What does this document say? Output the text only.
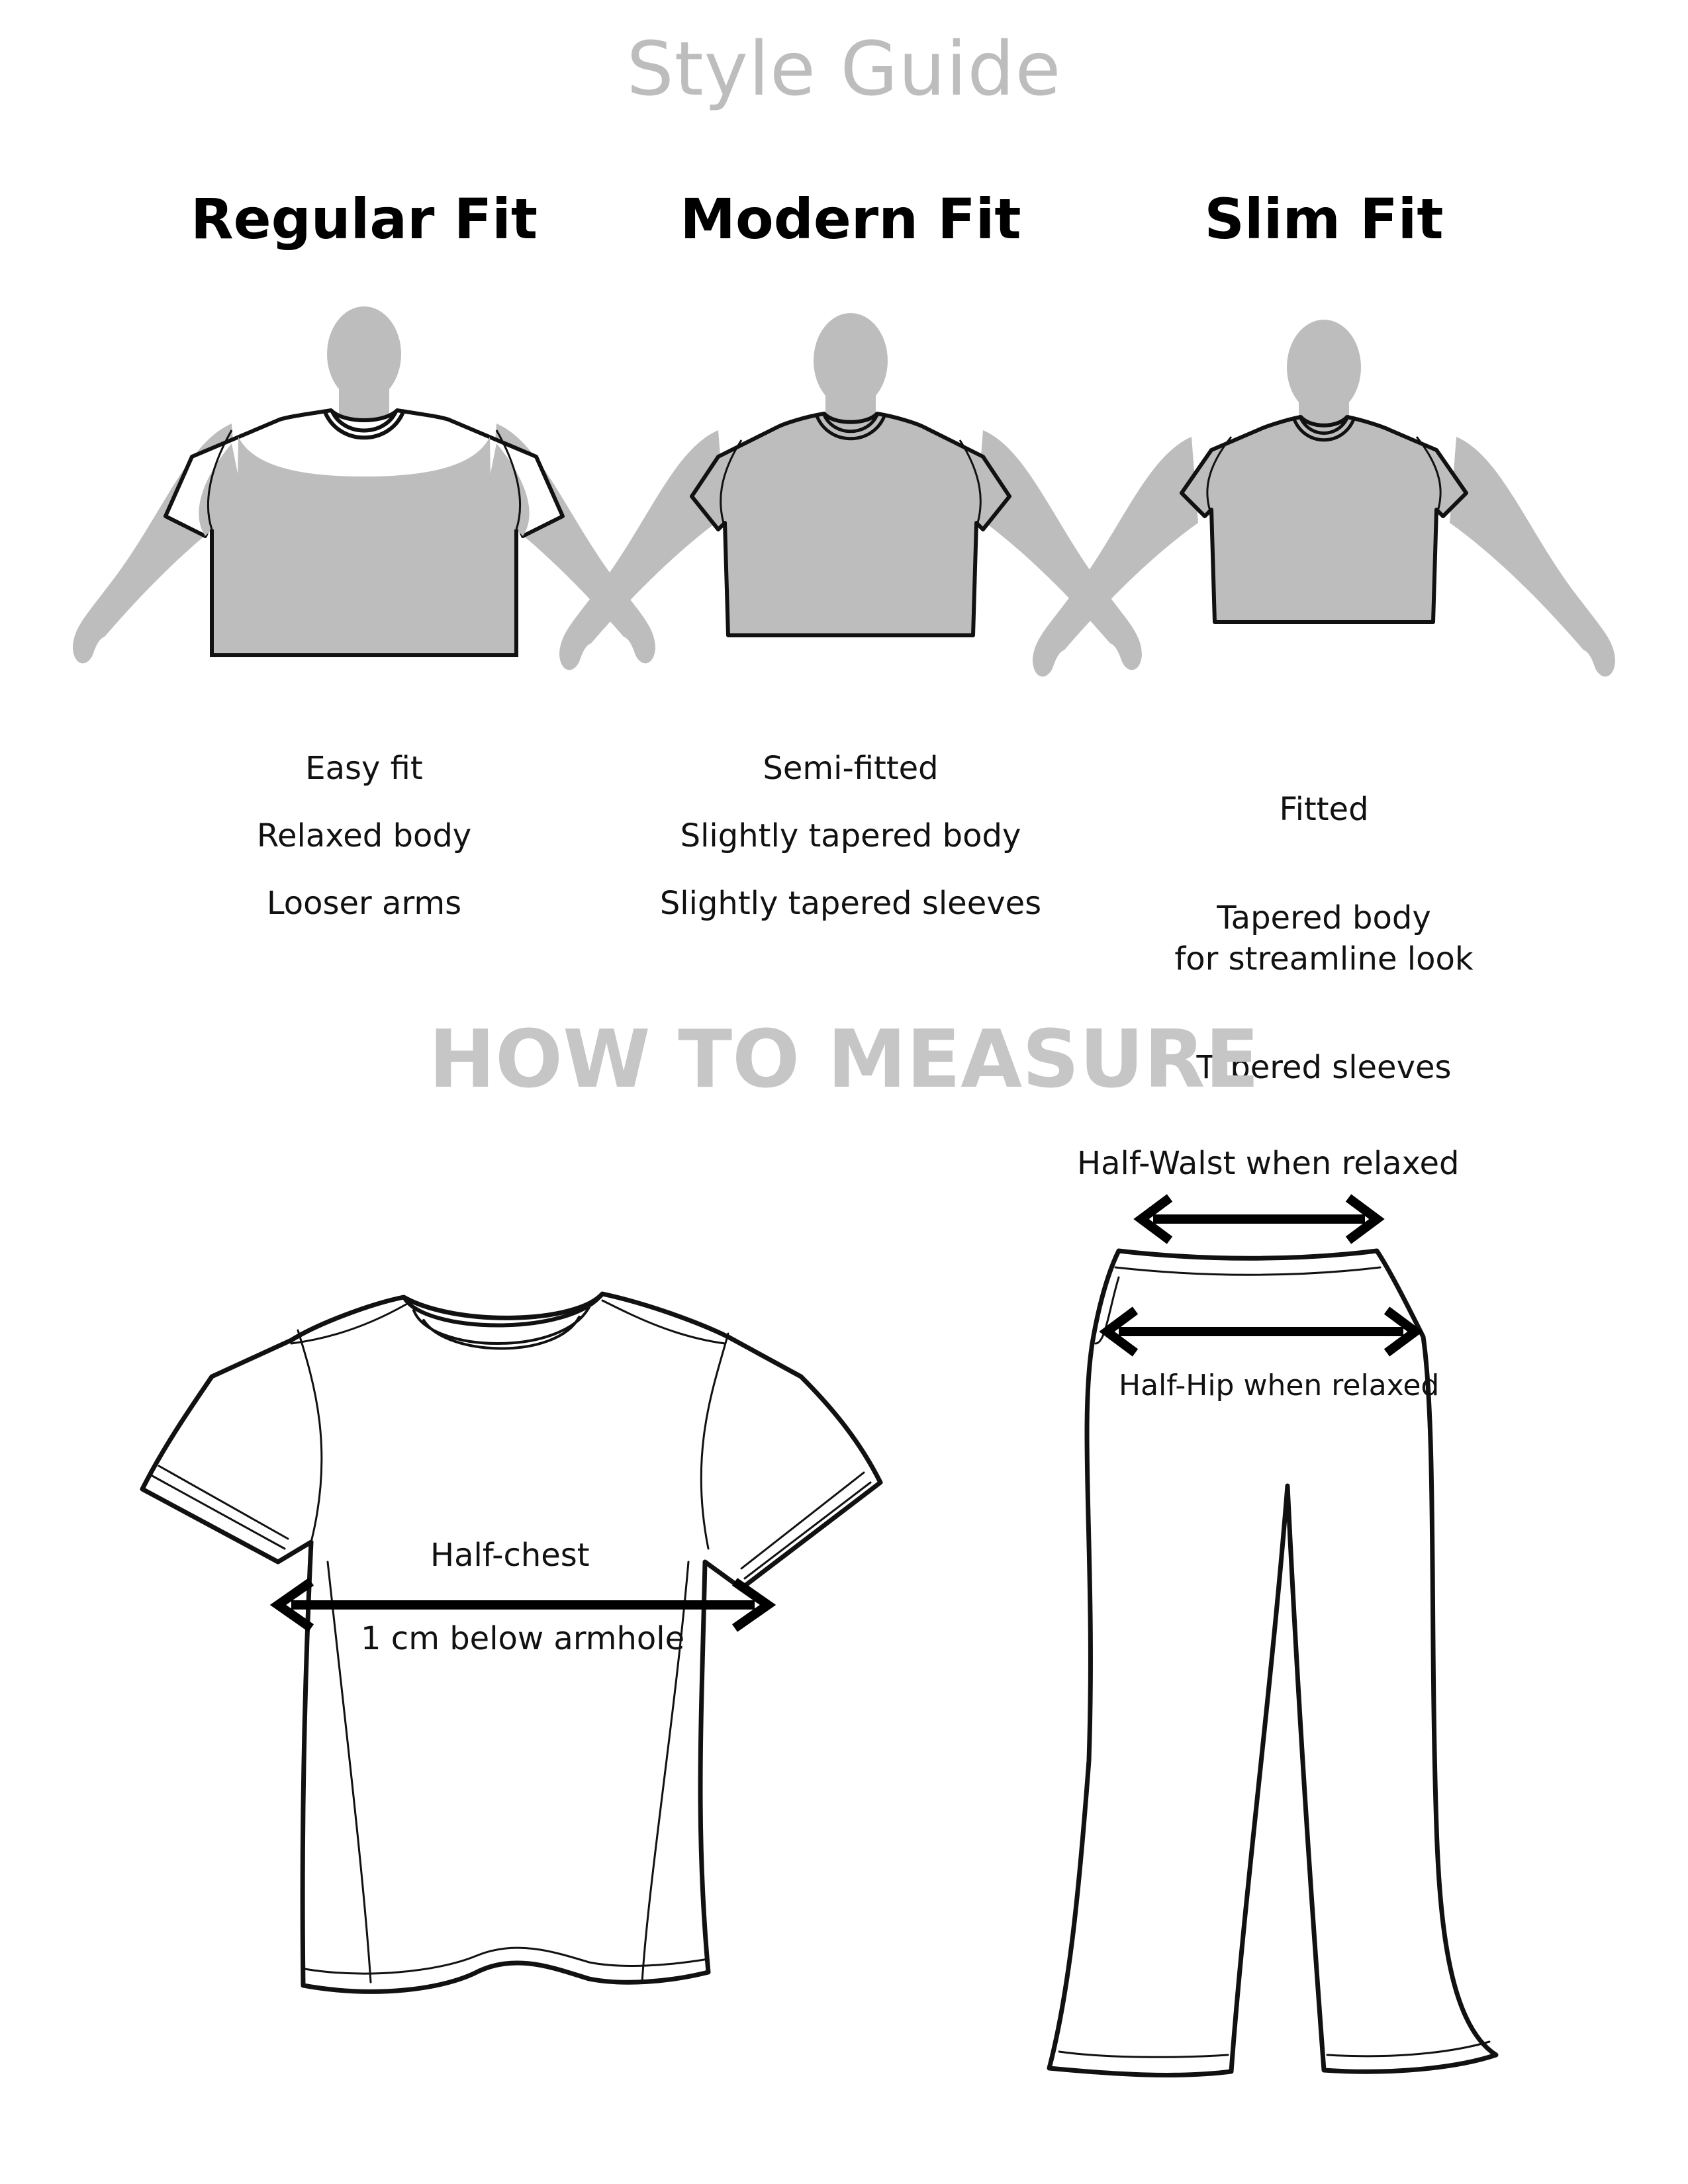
Style Guide
Regular Fit	Modern Fit	Slim Fit

Easy fit

Relaxed body

Looser arms

Semi-fitted

Slightly tapered body

Slightly tapered sleeves

Fitted

Tapered body
for streamline look

Tapered sleeves

HOW TO MEASURE
Half-chest
1 cm below armhole
Half-Walst when relaxed
Half-Hip when relaxed
